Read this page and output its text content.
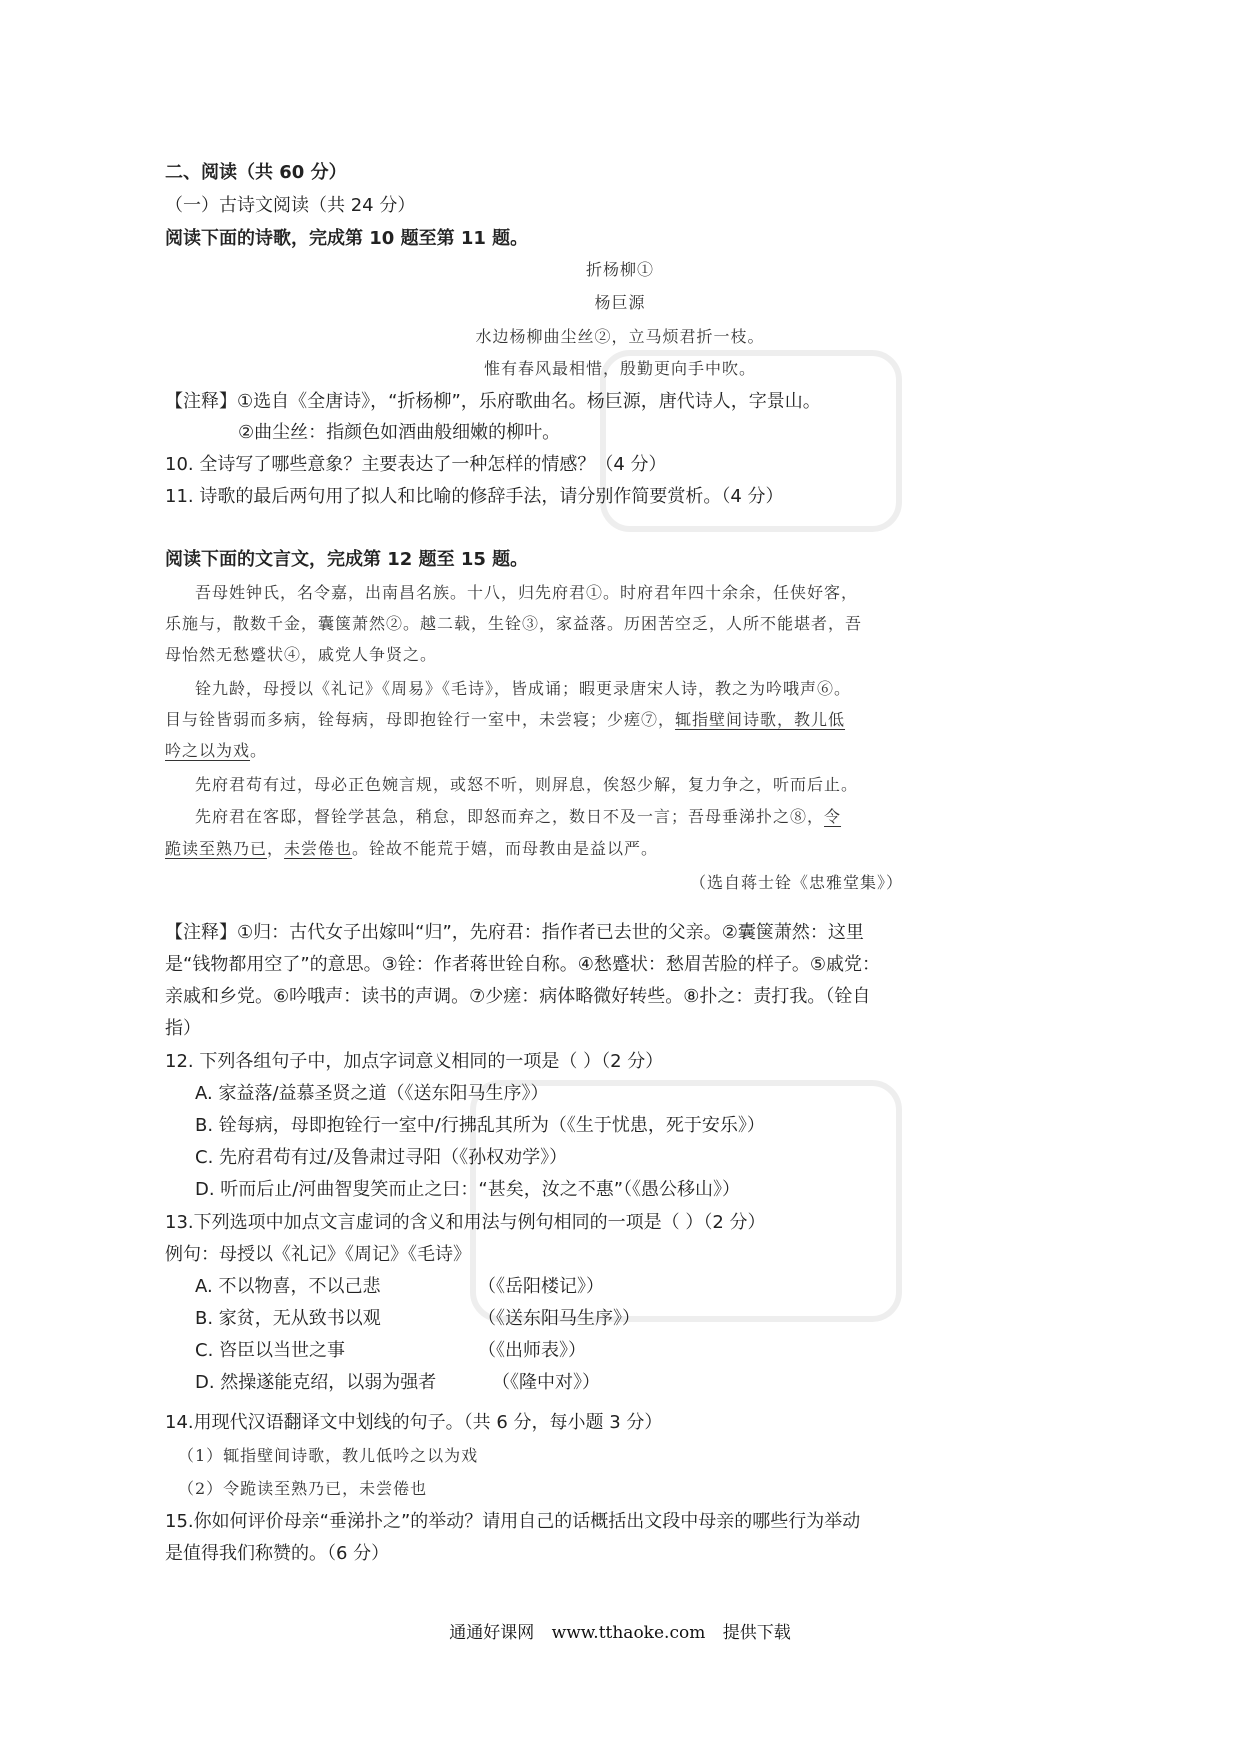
二、阅读（共 60 分）
（一）古诗文阅读（共 24 分）
阅读下面的诗歌，完成第 10 题至第 11 题。
折杨柳①
杨巨源
水边杨柳曲尘丝②，立马烦君折一枝。
惟有春风最相惜，殷勤更向手中吹。
【注释】①选自《全唐诗》，“折杨柳”，乐府歌曲名。杨巨源，唐代诗人，字景山。
②曲尘丝：指颜色如酒曲般细嫩的柳叶。
10. 全诗写了哪些意象？主要表达了一种怎样的情感？（4 分）
11. 诗歌的最后两句用了拟人和比喻的修辞手法，请分别作简要赏析。（4 分）
阅读下面的文言文，完成第 12 题至 15 题。
吾母姓钟氏，名令嘉，出南昌名族。十八，归先府君①。时府君年四十余余，任侠好客，
乐施与，散数千金，囊箧萧然②。越二载，生铨③，家益落。历困苦空乏，人所不能堪者，吾
母怡然无愁蹙状④，戚党人争贤之。
铨九龄，母授以《礼记》《周易》《毛诗》，皆成诵；暇更录唐宋人诗，教之为吟哦声⑥。
目与铨皆弱而多病，铨每病，母即抱铨行一室中，未尝寝；少瘥⑦，辄指壁间诗歌，教儿低
吟之以为戏。
先府君苟有过，母必正色婉言规，或怒不听，则屏息，俟怒少解，复力争之，听而后止。
先府君在客邸，督铨学甚急，稍怠，即怒而弃之，数日不及一言；吾母垂涕扑之⑧，令
跪读至熟乃已，未尝倦也。铨故不能荒于嬉，而母教由是益以严。
（选自蒋士铨《忠雅堂集》）
【注释】①归：古代女子出嫁叫“归”，先府君：指作者已去世的父亲。②囊箧萧然：这里
是“钱物都用空了”的意思。③铨：作者蒋世铨自称。④愁蹙状：愁眉苦脸的样子。⑤戚党：
亲戚和乡党。⑥吟哦声：读书的声调。⑦少瘥：病体略微好转些。⑧扑之：责打我。（铨自
指）
12. 下列各组句子中，加点字词意义相同的一项是（ ）（2 分）
A. 家益落/益慕圣贤之道（《送东阳马生序》）
B. 铨每病，母即抱铨行一室中/行拂乱其所为（《生于忧患，死于安乐》）
C. 先府君苟有过/及鲁肃过寻阳（《孙权劝学》）
D. 听而后止/河曲智叟笑而止之曰：“甚矣，汝之不惠”（《愚公移山》）
13.下列选项中加点文言虚词的含义和用法与例句相同的一项是（ ）（2 分）
例句：母授以《礼记》《周记》《毛诗》
A. 不以物喜，不以己悲	（《岳阳楼记》）
B. 家贫，无从致书以观	（《送东阳马生序》）
C. 咨臣以当世之事	（《出师表》）
D. 然操遂能克绍，以弱为强者	（《隆中对》）
14.用现代汉语翻译文中划线的句子。（共 6 分，每小题 3 分）
（1）辄指壁间诗歌，教儿低吟之以为戏
（2）令跪读至熟乃已，未尝倦也
15.你如何评价母亲“垂涕扑之”的举动？请用自己的话概括出文段中母亲的哪些行为举动
是值得我们称赞的。（6 分）
通通好课网 www.tthaoke.com 提供下载
